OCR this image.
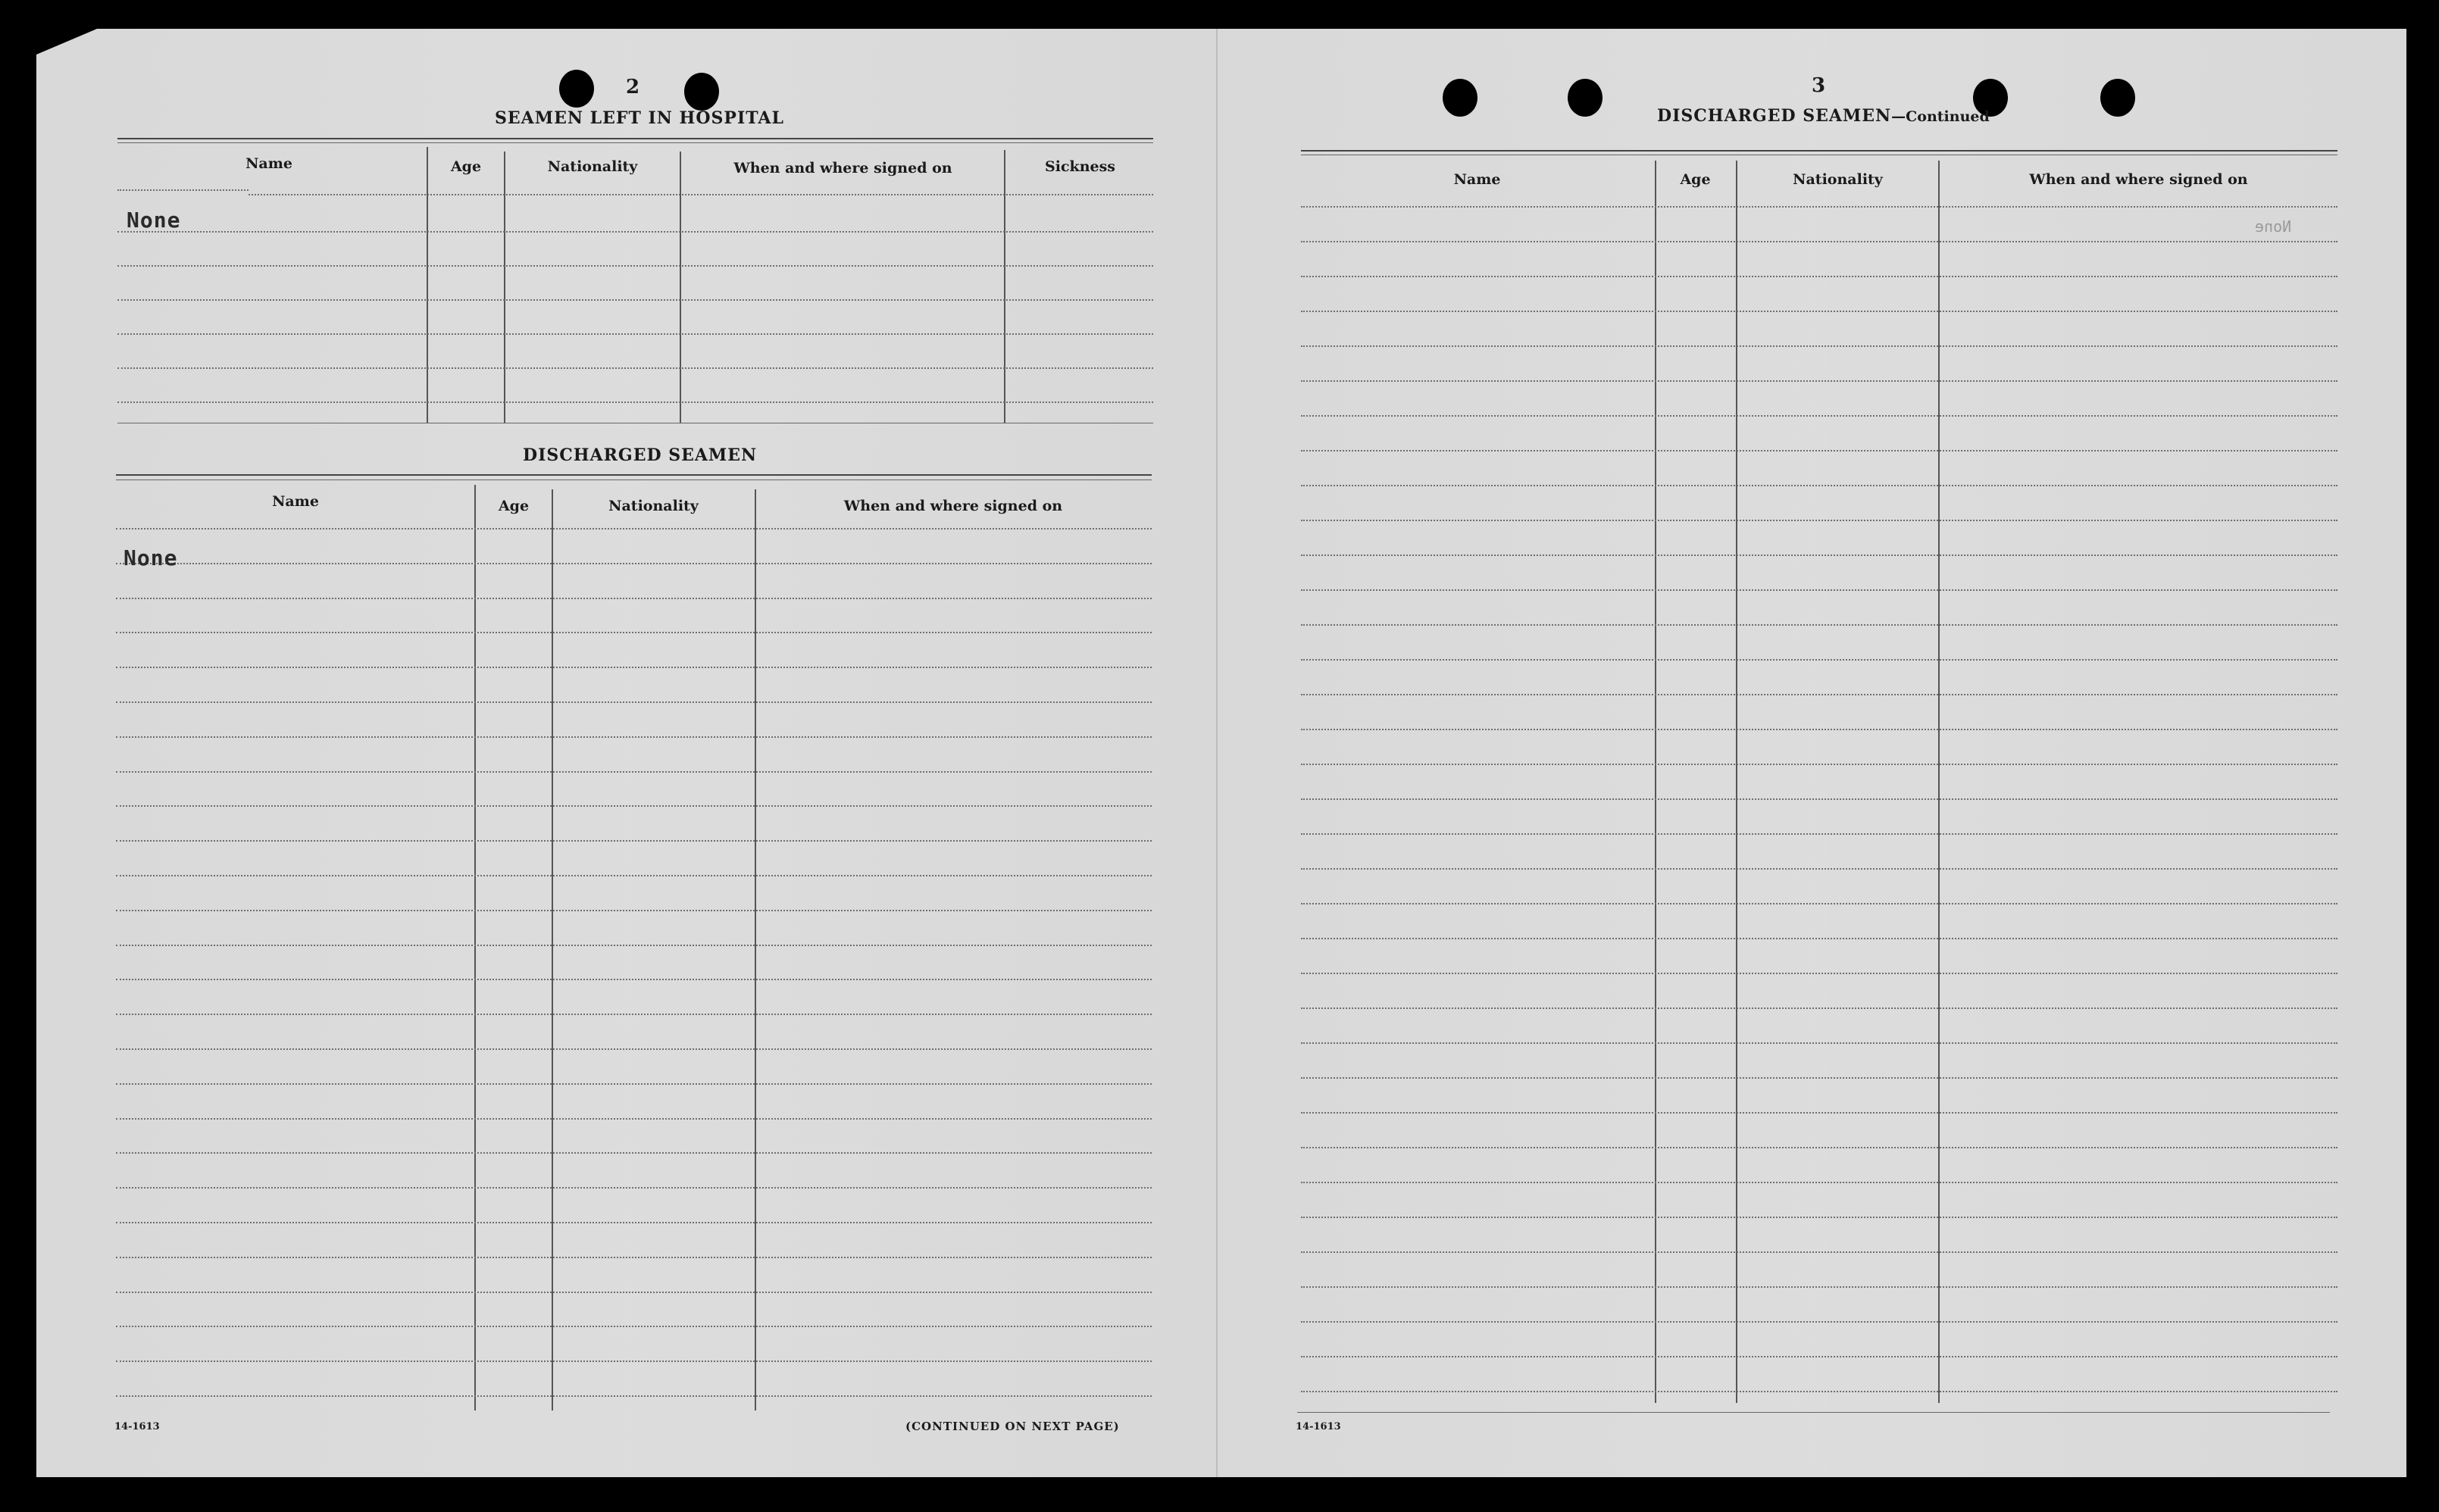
2
SEAMEN LEFT IN HOSPITAL
Name	Age	Nationality	When and where signed on	Sickness
None
DISCHARGED SEAMEN
Name	Age	Nationality	When and where signed on
None
14-1613	(CONTINUED ON NEXT PAGE)
3
DISCHARGED SEAMEN—Continued
Name	Age	Nationality	When and where signed on
None
14-1613
